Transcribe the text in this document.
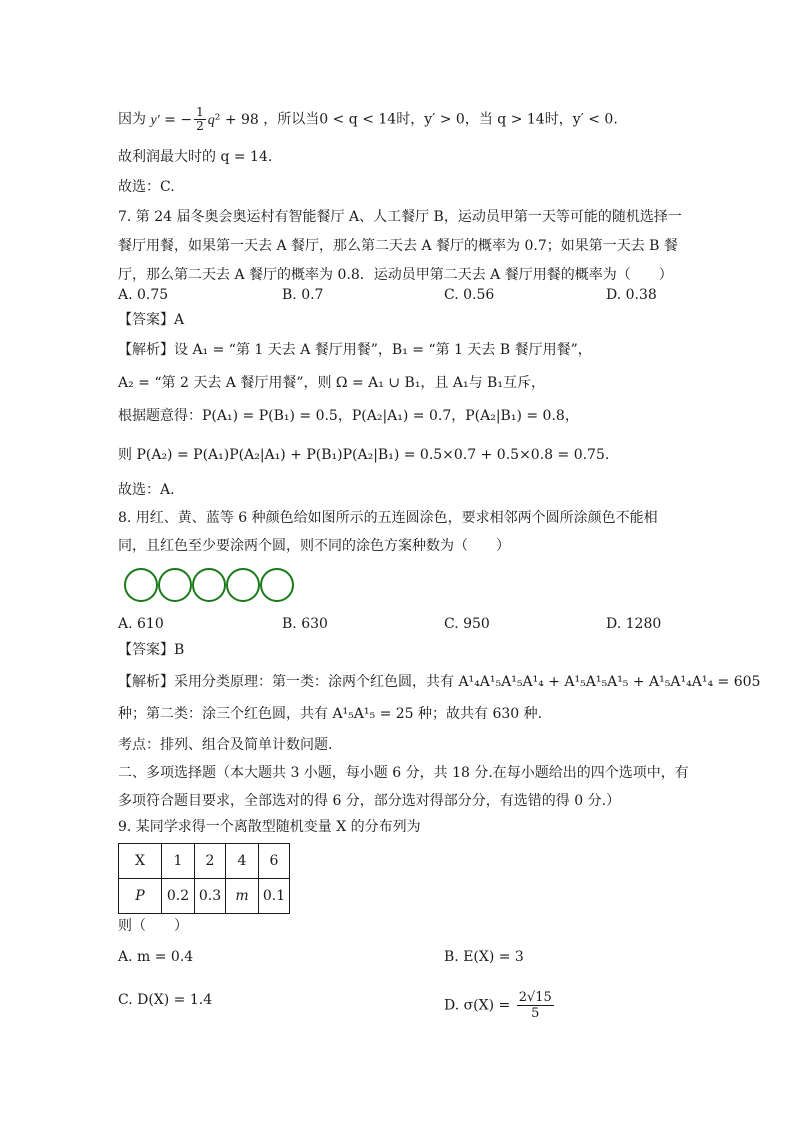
因为 y′ = − $\frac{1}{2} q^2 + 98$ ，所以当0 < q < 14时，y′ > 0，当 q > 14时，y′ < 0.
故利润最大时的 q = 14.
故选：C.
7. 第 24 届冬奥会奥运村有智能餐厅 A、人工餐厅 B，运动员甲第一天等可能的随机选择一
餐厅用餐，如果第一天去 A 餐厅，那么第二天去 A 餐厅的概率为 0.7；如果第一天去 B 餐
厅，那么第二天去 A 餐厅的概率为 0.8．运动员甲第二天去 A 餐厅用餐的概率为（　　）
A. 0.75	B. 0.7	C. 0.56	D. 0.38
【答案】A
【解析】设 A₁ = “第 1 天去 A 餐厅用餐”，B₁ = “第 1 天去 B 餐厅用餐”，
A₂ = “第 2 天去 A 餐厅用餐”，则 Ω = A₁ ∪ B₁，且 A₁与 B₁互斥，
根据题意得：P(A₁) = P(B₁) = 0.5，P(A₂|A₁) = 0.7，P(A₂|B₁) = 0.8，
则 P(A₂) = P(A₁)P(A₂|A₁) + P(B₁)P(A₂|B₁) = 0.5×0.7 + 0.5×0.8 = 0.75.
故选：A.
8. 用红、黄、蓝等 6 种颜色给如图所示的五连圆涂色，要求相邻两个圆所涂颜色不能相
同，且红色至少要涂两个圆，则不同的涂色方案种数为（　　）
A. 610	B. 630	C. 950	D. 1280
【答案】B
【解析】采用分类原理：第一类：涂两个红色圆，共有 A¹₄A¹₅A¹₅A¹₄ + A¹₅A¹₅A¹₅ + A¹₅A¹₄A¹₄ = 605
种；第二类：涂三个红色圆，共有 A¹₅A¹₅ = 25 种；故共有 630 种.
考点：排列、组合及简单计数问题.
二、多项选择题（本大题共 3 小题，每小题 6 分，共 18 分.在每小题给出的四个选项中，有
多项符合题目要求，全部选对的得 6 分，部分选对得部分分，有选错的得 0 分.）
9. 某同学求得一个离散型随机变量 X 的分布列为
X	1	2	4	6
P	0.2	0.3	m	0.1
则（　　）
A. m = 0.4	B. E(X) = 3
C. D(X) = 1.4	D. $\sigma(X) = \frac{2√15}{5}$
